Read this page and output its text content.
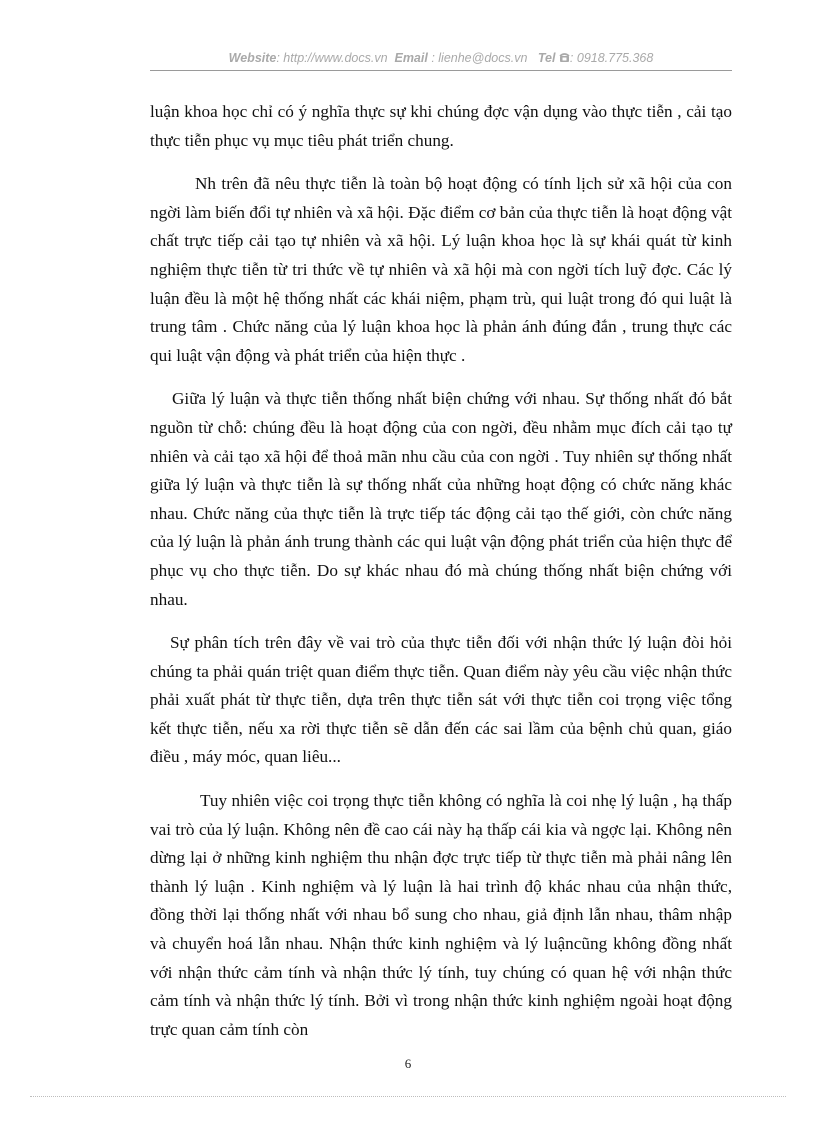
Website: http://www.docs.vn Email : lienhe@docs.vn Tel : 0918.775.368

luận khoa học chỉ có ý nghĩa thực sự khi chúng đợc vận dụng vào thực tiễn , cải tạo thực tiễn phục vụ mục tiêu phát triển chung.

Nh trên đã nêu thực tiễn là toàn bộ hoạt động có tính lịch sử xã hội của con ngời làm biến đổi tự nhiên và xã hội. Đặc điểm cơ bản của thực tiễn là hoạt động vật chất trực tiếp cải tạo tự nhiên và xã hội. Lý luận khoa học là sự khái quát từ kinh nghiệm thực tiễn từ tri thức về tự nhiên và xã hội mà con ngời tích luỹ đợc. Các lý luận đều là một hệ thống nhất các khái niệm, phạm trù, qui luật trong đó qui luật là trung tâm . Chức năng của lý luận khoa học là phản ánh đúng đắn , trung thực các qui luật vận động và phát triển của hiện thực .

Giữa lý luận và thực tiễn thống nhất biện chứng với nhau. Sự thống nhất đó bắt nguồn từ chỗ: chúng đều là hoạt động của con ngời, đều nhằm mục đích cải tạo tự nhiên và cải tạo xã hội để thoả mãn nhu cầu của con ngời . Tuy nhiên sự thống nhất giữa lý luận và thực tiễn là sự thống nhất của những hoạt động có chức năng khác nhau. Chức năng của thực tiễn là trực tiếp tác động cải tạo thế giới, còn chức năng của lý luận là phản ánh trung thành các qui luật vận động phát triển của hiện thực để phục vụ cho thực tiễn. Do sự khác nhau đó mà chúng thống nhất biện chứng với nhau.

Sự phân tích trên đây về vai trò của thực tiễn đối với nhận thức lý luận đòi hỏi chúng ta phải quán triệt quan điểm thực tiễn. Quan điểm này yêu cầu việc nhận thức phải xuất phát từ thực tiễn, dựa trên thực tiễn sát với thực tiễn coi trọng việc tổng kết thực tiễn, nếu xa rời thực tiễn sẽ dẫn đến các sai lầm của bệnh chủ quan, giáo điều , máy móc, quan liêu...

Tuy nhiên việc coi trọng thực tiễn không có nghĩa là coi nhẹ lý luận , hạ thấp vai trò của lý luận. Không nên đề cao cái này hạ thấp cái kia và ngợc lại. Không nên dừng lại ở những kinh nghiệm thu nhận đợc trực tiếp từ thực tiễn mà phải nâng lên thành lý luận . Kinh nghiệm và lý luận là hai trình độ khác nhau của nhận thức, đồng thời lại thống nhất với nhau bổ sung cho nhau, giả định lẫn nhau, thâm nhập và chuyển hoá lẫn nhau. Nhận thức kinh nghiệm và lý luậncũng không đồng nhất với nhận thức cảm tính và nhận thức lý tính, tuy chúng có quan hệ với nhận thức cảm tính và nhận thức lý tính. Bởi vì trong nhận thức kinh nghiệm ngoài hoạt động trực quan cảm tính còn

6
